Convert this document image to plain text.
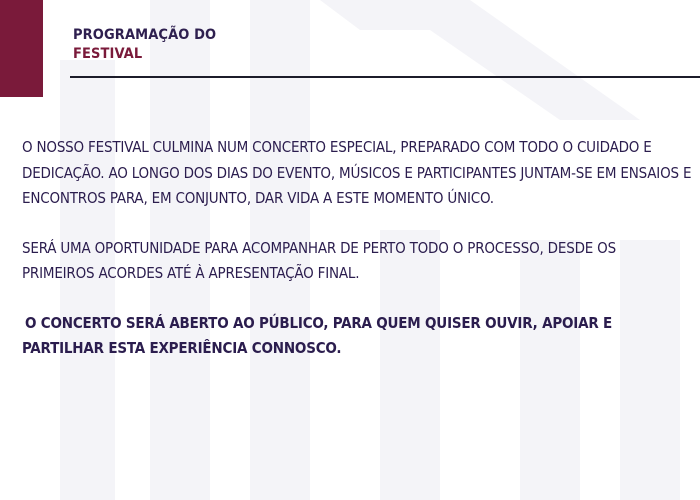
PROGRAMAÇÃO DO
FESTIVAL

O NOSSO FESTIVAL CULMINA NUM CONCERTO ESPECIAL, PREPARADO COM TODO O CUIDADO E DEDICAÇÃO. AO LONGO DOS DIAS DO EVENTO, MÚSICOS E PARTICIPANTES JUNTAM-SE EM ENSAIOS E ENCONTROS PARA, EM CONJUNTO, DAR VIDA A ESTE MOMENTO ÚNICO.

SERÁ UMA OPORTUNIDADE PARA ACOMPANHAR DE PERTO TODO O PROCESSO, DESDE OS PRIMEIROS ACORDES ATÉ À APRESENTAÇÃO FINAL.

O CONCERTO SERÁ ABERTO AO PÚBLICO, PARA QUEM QUISER OUVIR, APOIAR E PARTILHAR ESTA EXPERIÊNCIA CONNOSCO.
